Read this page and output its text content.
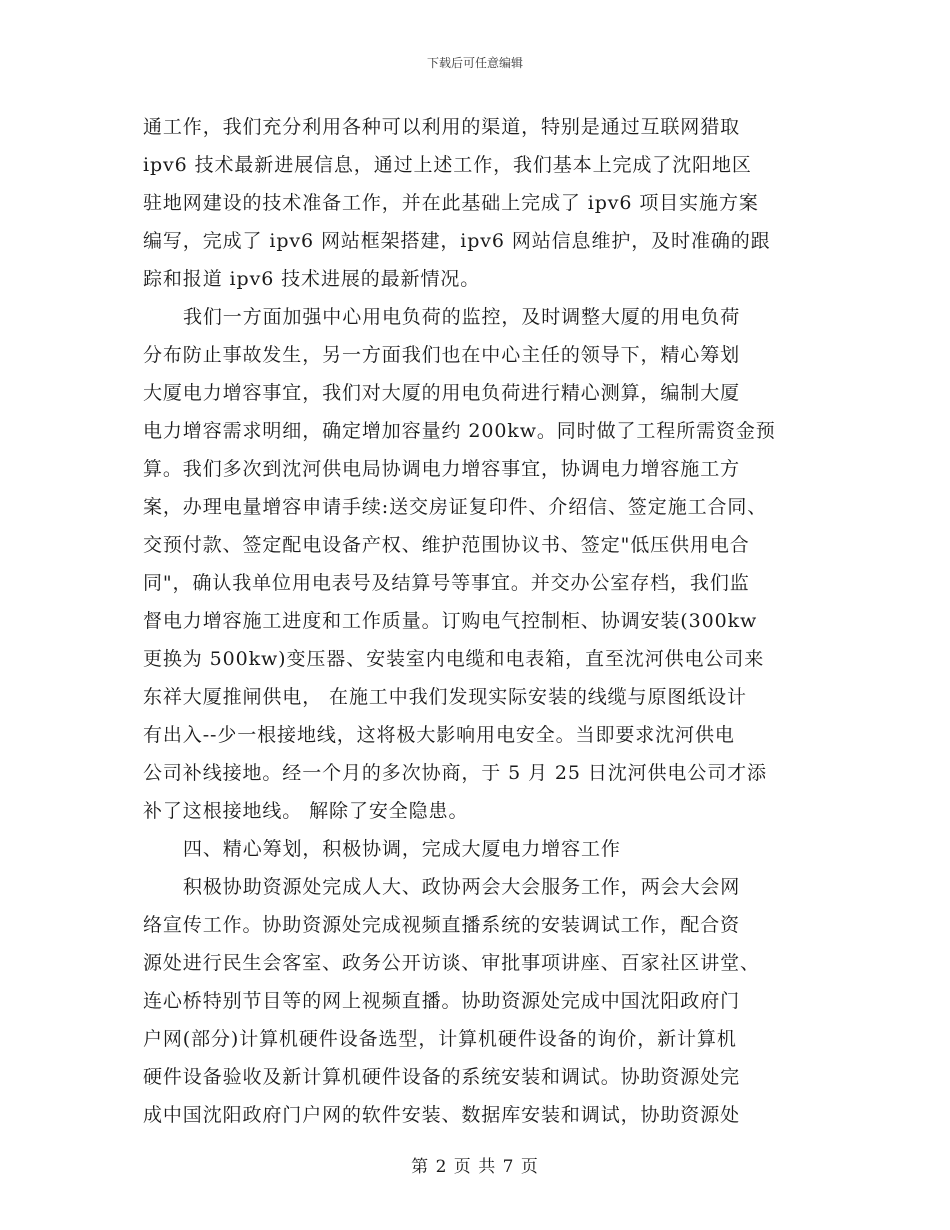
下载后可任意编辑
通工作，我们充分利用各种可以利用的渠道，特别是通过互联网猎取
ipv6 技术最新进展信息，通过上述工作，我们基本上完成了沈阳地区
驻地网建设的技术准备工作，并在此基础上完成了 ipv6 项目实施方案
编写，完成了 ipv6 网站框架搭建，ipv6 网站信息维护，及时准确的跟
踪和报道 ipv6 技术进展的最新情况。
我们一方面加强中心用电负荷的监控，及时调整大厦的用电负荷
分布防止事故发生，另一方面我们也在中心主任的领导下，精心筹划
大厦电力增容事宜，我们对大厦的用电负荷进行精心测算，编制大厦
电力增容需求明细，确定增加容量约 200kw。同时做了工程所需资金预
算。我们多次到沈河供电局协调电力增容事宜，协调电力增容施工方
案，办理电量增容申请手续:送交房证复印件、介绍信、签定施工合同、
交预付款、签定配电设备产权、维护范围协议书、签定"低压供用电合
同"，确认我单位用电表号及结算号等事宜。并交办公室存档，我们监
督电力增容施工进度和工作质量。订购电气控制柜、协调安装(300kw
更换为 500kw)变压器、安装室内电缆和电表箱，直至沈河供电公司来
东祥大厦推闸供电， 在施工中我们发现实际安装的线缆与原图纸设计
有出入--少一根接地线，这将极大影响用电安全。当即要求沈河供电
公司补线接地。经一个月的多次协商，于 5 月 25 日沈河供电公司才添
补了这根接地线。 解除了安全隐患。
四、精心筹划，积极协调，完成大厦电力增容工作
积极协助资源处完成人大、政协两会大会服务工作，两会大会网
络宣传工作。协助资源处完成视频直播系统的安装调试工作，配合资
源处进行民生会客室、政务公开访谈、审批事项讲座、百家社区讲堂、
连心桥特别节目等的网上视频直播。协助资源处完成中国沈阳政府门
户网(部分)计算机硬件设备选型，计算机硬件设备的询价，新计算机
硬件设备验收及新计算机硬件设备的系统安装和调试。协助资源处完
成中国沈阳政府门户网的软件安装、数据库安装和调试，协助资源处
第 2 页 共 7 页
